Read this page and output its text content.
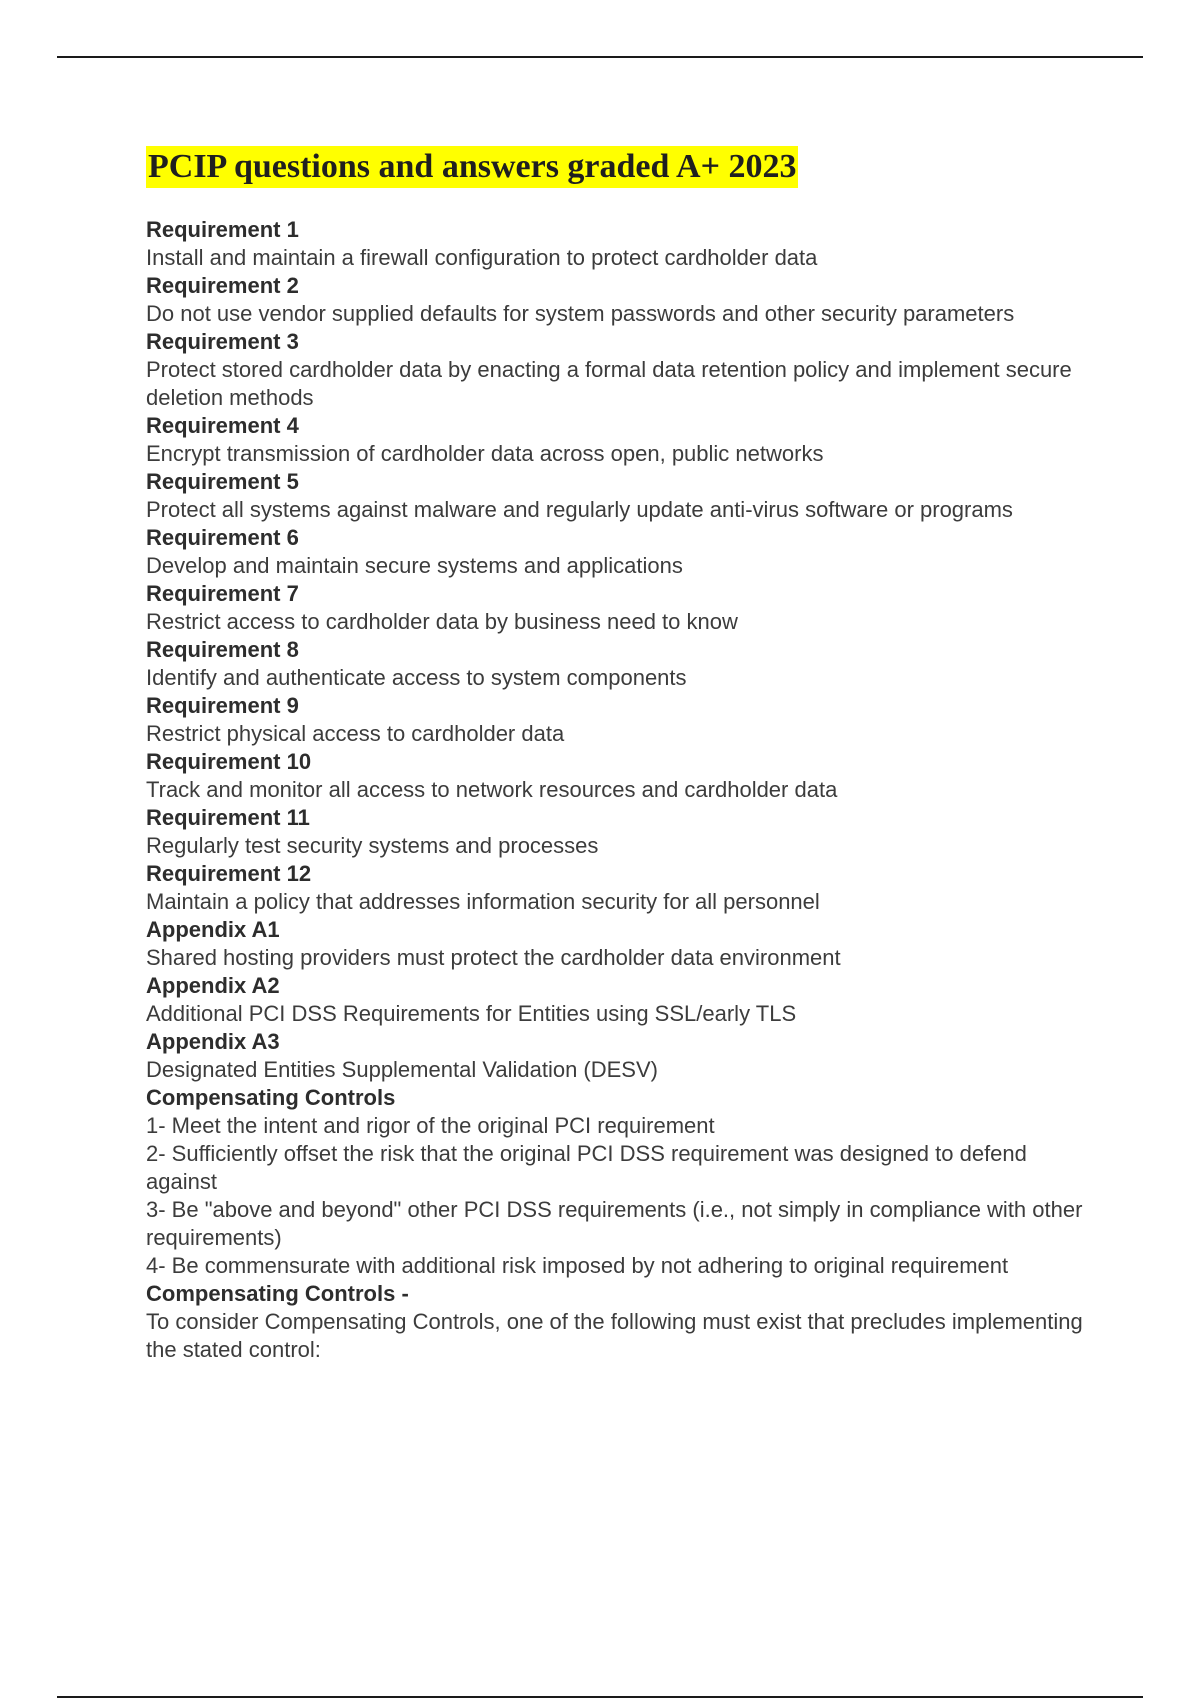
PCIP questions and answers graded A+ 2023
Requirement 1
Install and maintain a firewall configuration to protect cardholder data
Requirement 2
Do not use vendor supplied defaults for system passwords and other security parameters
Requirement 3
Protect stored cardholder data by enacting a formal data retention policy and implement secure deletion methods
Requirement 4
Encrypt transmission of cardholder data across open, public networks
Requirement 5
Protect all systems against malware and regularly update anti-virus software or programs
Requirement 6
Develop and maintain secure systems and applications
Requirement 7
Restrict access to cardholder data by business need to know
Requirement 8
Identify and authenticate access to system components
Requirement 9
Restrict physical access to cardholder data
Requirement 10
Track and monitor all access to network resources and cardholder data
Requirement 11
Regularly test security systems and processes
Requirement 12
Maintain a policy that addresses information security for all personnel
Appendix A1
Shared hosting providers must protect the cardholder data environment
Appendix A2
Additional PCI DSS Requirements for Entities using SSL/early TLS
Appendix A3
Designated Entities Supplemental Validation (DESV)
Compensating Controls
1- Meet the intent and rigor of the original PCI requirement
2- Sufficiently offset the risk that the original PCI DSS requirement was designed to defend against
3- Be "above and beyond" other PCI DSS requirements (i.e., not simply in compliance with other requirements)
4- Be commensurate with additional risk imposed by not adhering to original requirement
Compensating Controls -
To consider Compensating Controls, one of the following must exist that precludes implementing the stated control:
